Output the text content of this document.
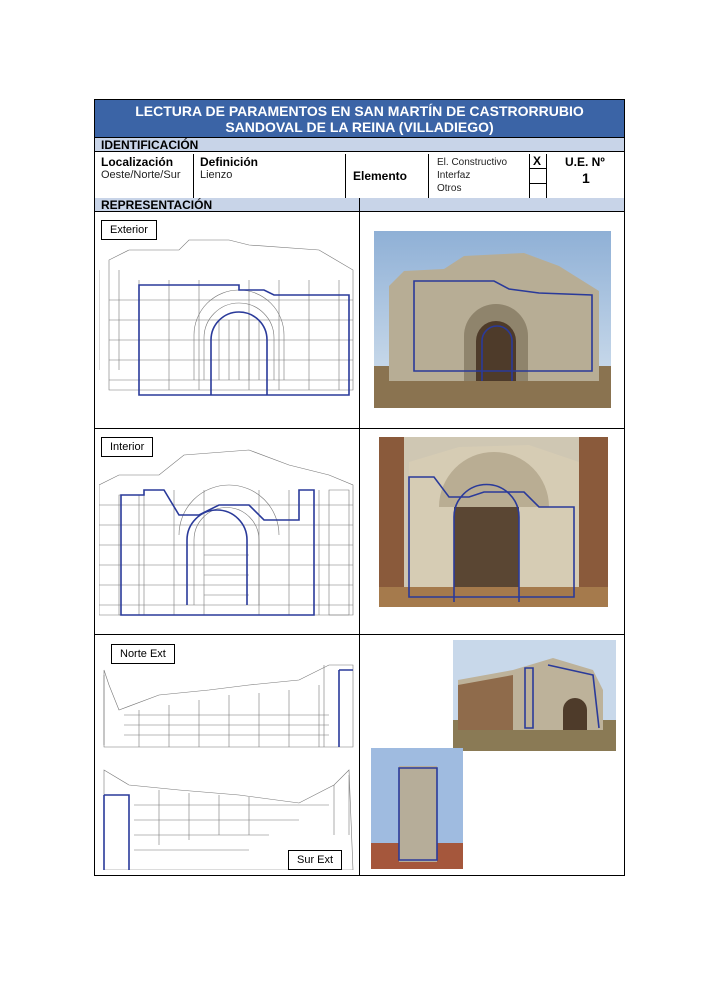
LECTURA DE PARAMENTOS EN SAN MARTÍN DE CASTRORRUBIO
SANDOVAL DE LA REINA (VILLADIEGO)
IDENTIFICACIÓN
Localización
Oeste/Norte/Sur
Definición
Lienzo	Elemento
El. Constructivo
Interfaz
Otros
X U.E. Nº
1
REPRESENTACIÓN
Exterior
Interior
Norte Ext
Sur Ext
